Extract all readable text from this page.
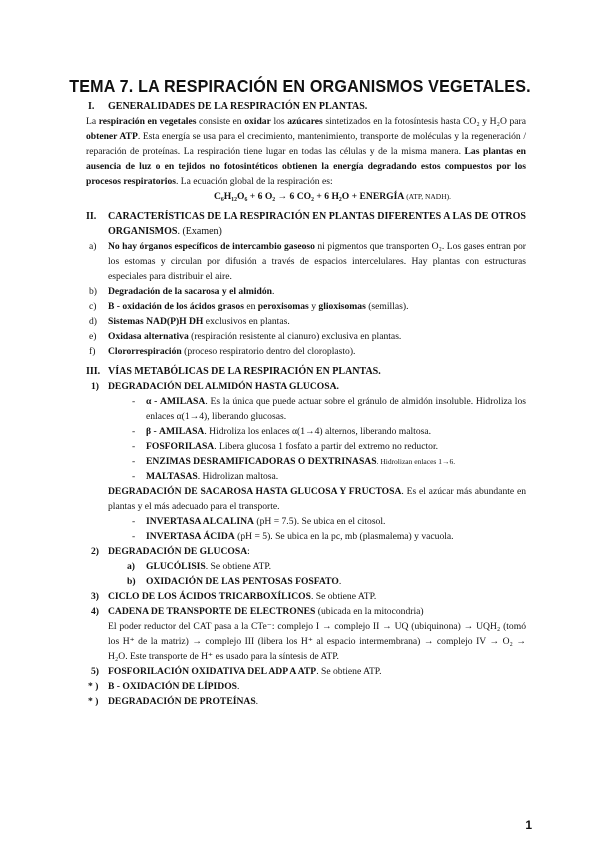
TEMA 7. LA RESPIRACIÓN EN ORGANISMOS VEGETALES.
I. GENERALIDADES DE LA RESPIRACIÓN EN PLANTAS.
La respiración en vegetales consiste en oxidar los azúcares sintetizados en la fotosíntesis hasta CO₂ y H₂O para obtener ATP. Esta energía se usa para el crecimiento, mantenimiento, transporte de moléculas y la regeneración / reparación de proteínas. La respiración tiene lugar en todas las células y de la misma manera. Las plantas en ausencia de luz o en tejidos no fotosintéticos obtienen la energía degradando estos compuestos por los procesos respiratorios. La ecuación global de la respiración es:
C₆H₁₂O₆ + 6 O₂ → 6 CO₂ + 6 H₂O + ENERGÍA (ATP, NADH).
II. CARACTERÍSTICAS DE LA RESPIRACIÓN EN PLANTAS DIFERENTES A LAS DE OTROS ORGANISMOS. (Examen)
a) No hay órganos específicos de intercambio gaseoso ni pigmentos que transporten O₂. Los gases entran por los estomas y circulan por difusión a través de espacios intercelulares. Hay plantas con estructuras especiales para distribuir el aire.
b) Degradación de la sacarosa y el almidón.
c) B - oxidación de los ácidos grasos en peroxisomas y glioxisomas (semillas).
d) Sistemas NAD(P)H DH exclusivos en plantas.
e) Oxidasa alternativa (respiración resistente al cianuro) exclusiva en plantas.
f) Clororrespiración (proceso respiratorio dentro del cloroplasto).
III. VÍAS METABÓLICAS DE LA RESPIRACIÓN EN PLANTAS.
1) DEGRADACIÓN DEL ALMIDÓN HASTA GLUCOSA.
- α - AMILASA. Es la única que puede actuar sobre el gránulo de almidón insoluble. Hidroliza los enlaces α(1→4), liberando glucosas.
- β - AMILASA. Hidroliza los enlaces α(1→4) alternos, liberando maltosa.
- FOSFORILASA. Libera glucosa 1 fosfato a partir del extremo no reductor.
- ENZIMAS DESRAMIFICADORAS O DEXTRINASAS. Hidrolizan enlaces 1→6.
- MALTASAS. Hidrolizan maltosa.
DEGRADACIÓN DE SACAROSA HASTA GLUCOSA Y FRUCTOSA. Es el azúcar más abundante en plantas y el más adecuado para el transporte.
- INVERTASA ALCALINA (pH = 7.5). Se ubica en el citosol.
- INVERTASA ÁCIDA (pH = 5). Se ubica en la pc, mb (plasmalema) y vacuola.
2) DEGRADACIÓN DE GLUCOSA:
a) GLUCÓLISIS. Se obtiene ATP.
b) OXIDACIÓN DE LAS PENTOSAS FOSFATO.
3) CICLO DE LOS ÁCIDOS TRICARBOXÍLICOS. Se obtiene ATP.
4) CADENA DE TRANSPORTE DE ELECTRONES (ubicada en la mitocondria)
El poder reductor del CAT pasa a la CTe⁻: complejo I → complejo II → UQ (ubiquinona) → UQH₂ (tomó los H⁺ de la matriz) → complejo III (libera los H⁺ al espacio intermembrana) → complejo IV → O₂ → H₂O. Este transporte de H⁺ es usado para la síntesis de ATP.
5) FOSFORILACIÓN OXIDATIVA DEL ADP A ATP. Se obtiene ATP.
* ) B - OXIDACIÓN DE LÍPIDOS.
* ) DEGRADACIÓN DE PROTEÍNAS.
1
